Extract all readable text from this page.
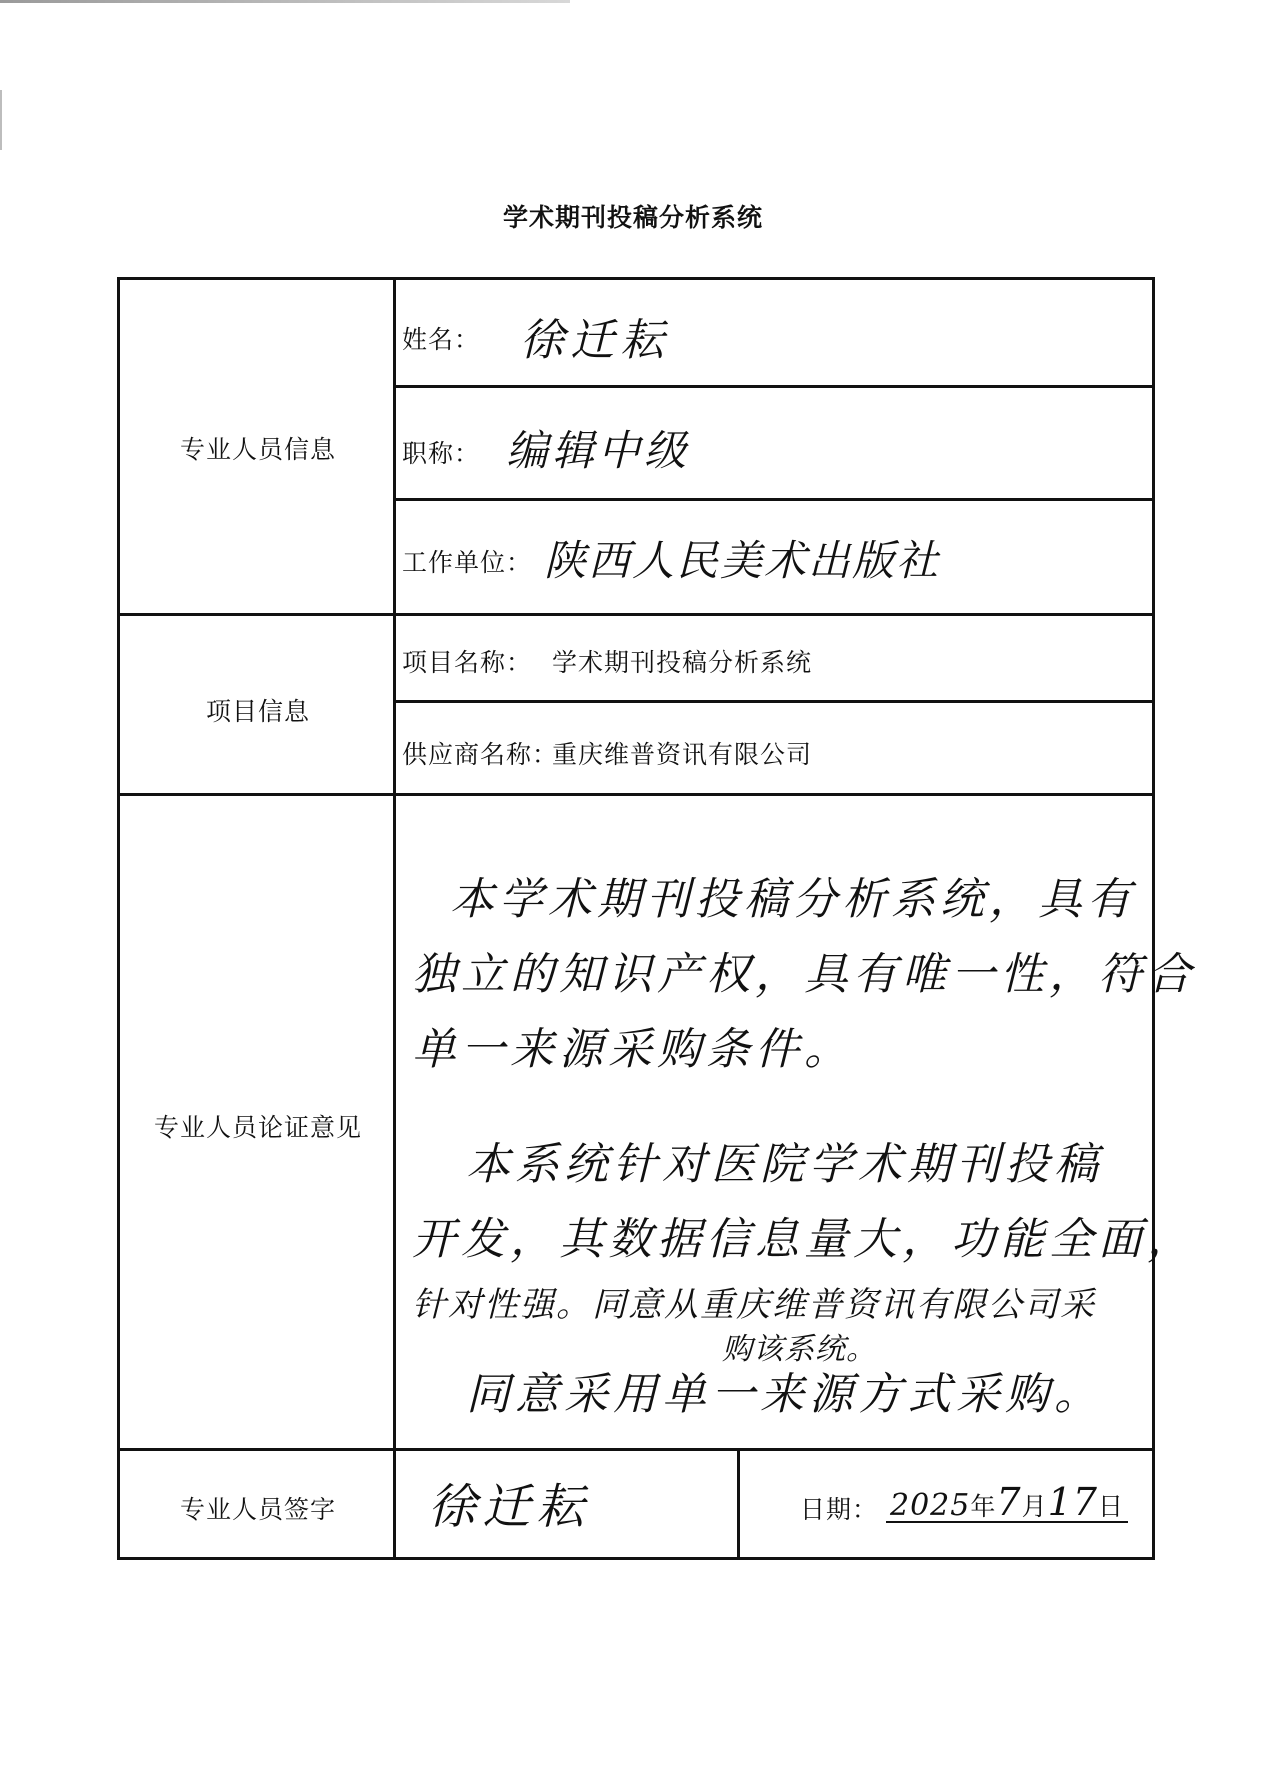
学术期刊投稿分析系统
专业人员信息
姓名： 徐迁耘
职称： 编辑中级
工作单位： 陕西人民美术出版社
项目信息
项目名称： 学术期刊投稿分析系统
供应商名称：
重庆维普资讯有限公司
专业人员论证意见
本学术期刊投稿分析系统，具有
独立的知识产权，具有唯一性，符合
单一来源采购条件。
本系统针对医院学术期刊投稿
开发，其数据信息量大，功能全面，
针对性强。同意从重庆维普资讯有限公司采
购该系统。
同意采用单一来源方式采购。
专业人员签字	徐迁耘	日期： 2025年7月17日
